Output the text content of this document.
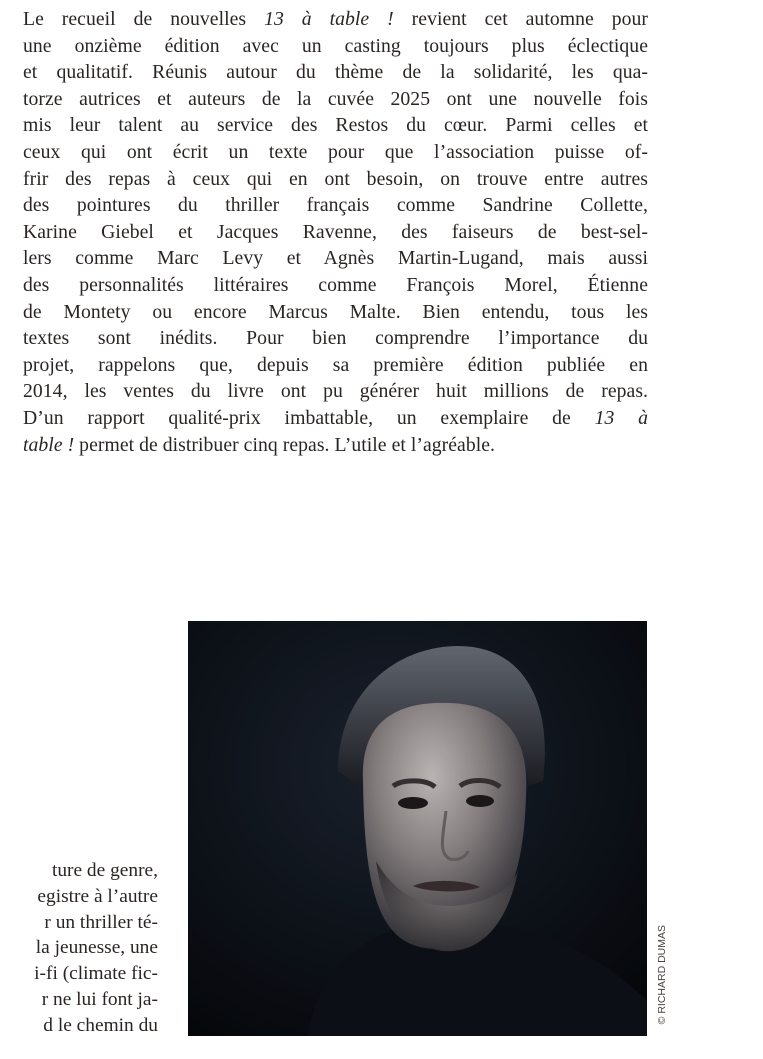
Le recueil de nouvelles 13 à table ! revient cet automne pour
une onzième édition avec un casting toujours plus éclectique
et qualitatif. Réunis autour du thème de la solidarité, les qua-
torze autrices et auteurs de la cuvée 2025 ont une nouvelle fois
mis leur talent au service des Restos du cœur. Parmi celles et
ceux qui ont écrit un texte pour que l’association puisse of-
frir des repas à ceux qui en ont besoin, on trouve entre autres
des pointures du thriller français comme Sandrine Collette,
Karine Giebel et Jacques Ravenne, des faiseurs de best-sel-
lers comme Marc Levy et Agnès Martin-Lugand, mais aussi
des personnalités littéraires comme François Morel, Étienne
de Montety ou encore Marcus Malte. Bien entendu, tous les
textes sont inédits. Pour bien comprendre l’importance du
projet, rappelons que, depuis sa première édition publiée en
2014, les ventes du livre ont pu générer huit millions de repas.
D’un rapport qualité-prix imbattable, un exemplaire de 13 à
table ! permet de distribuer cinq repas. L’utile et l’agréable.

© RICHARD DUMAS
ture de genre,
egistre à l’autre
r un thriller té-
la jeunesse, une
i-fi (climate fic-
r ne lui font ja-
d le chemin du
